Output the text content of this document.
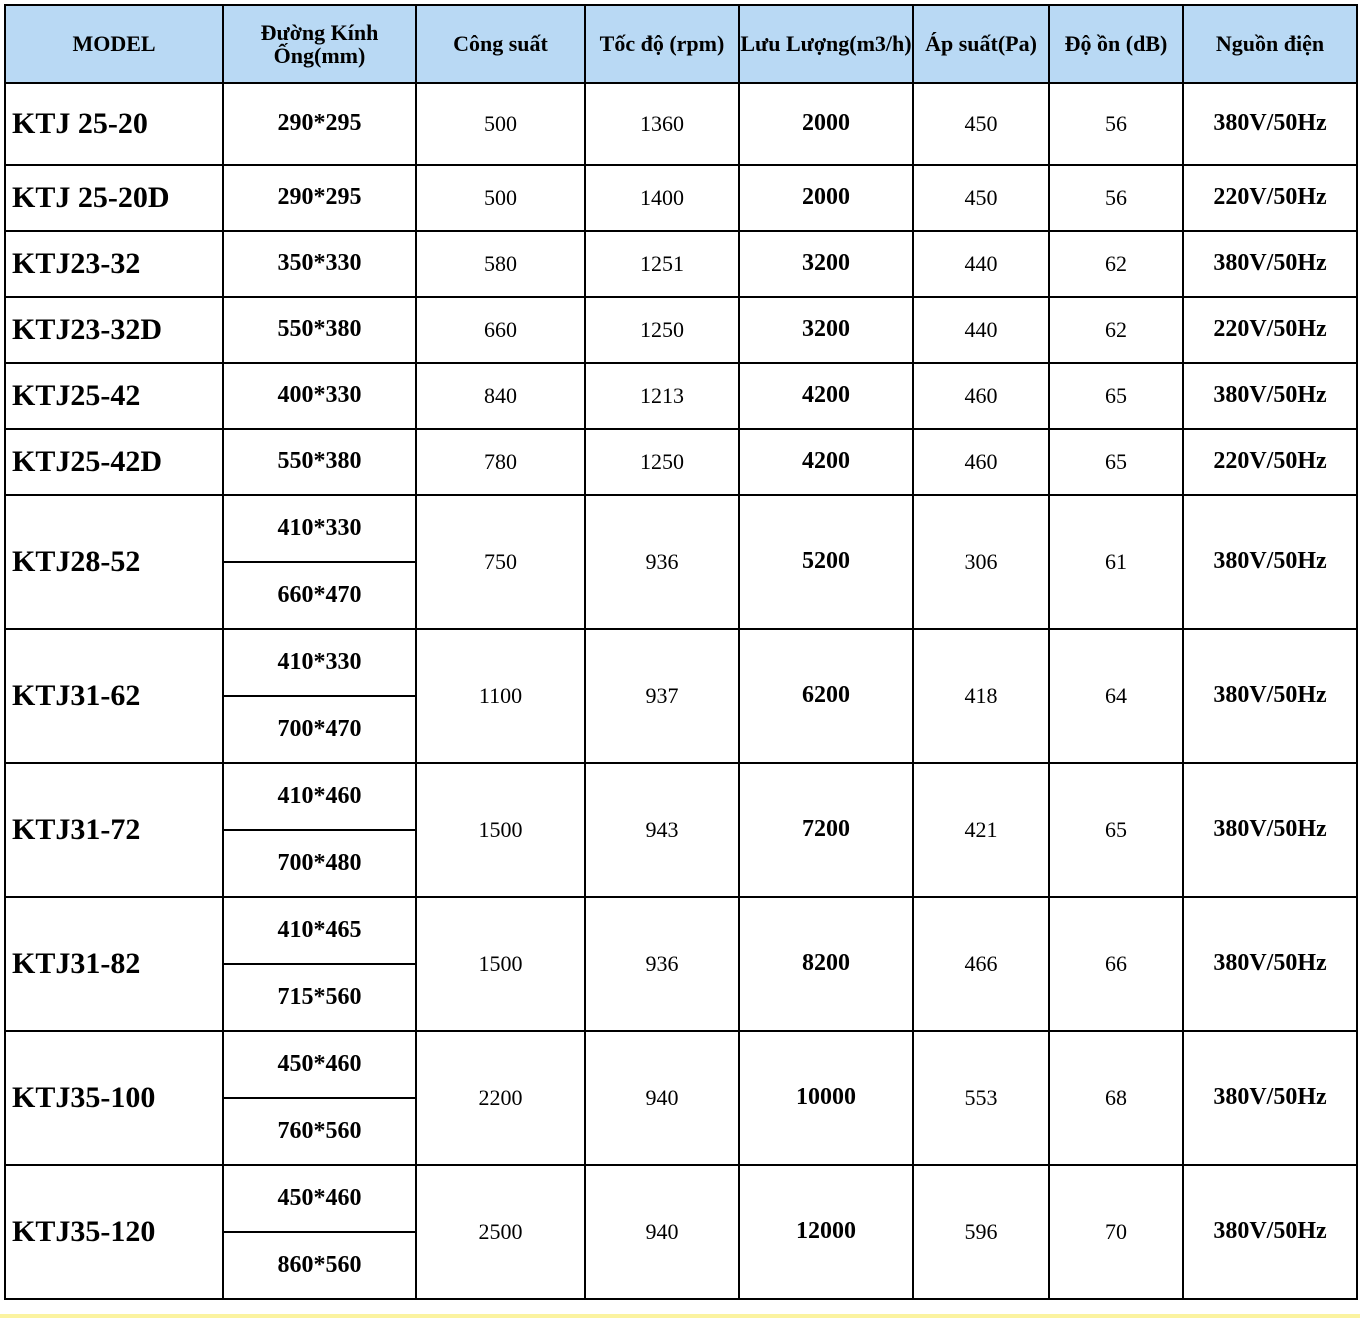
MODEL	Đường Kính Ống(mm)	Công suất	Tốc độ (rpm)	Lưu Lượng(m3/h)	Áp suất(Pa)	Độ ồn (dB)	Nguồn điện
KTJ 25-20	290*295	500	1360	2000	450	56	380V/50Hz
KTJ 25-20D	290*295	500	1400	2000	450	56	220V/50Hz
KTJ23-32	350*330	580	1251	3200	440	62	380V/50Hz
KTJ23-32D	550*380	660	1250	3200	440	62	220V/50Hz
KTJ25-42	400*330	840	1213	4200	460	65	380V/50Hz
KTJ25-42D	550*380	780	1250	4200	460	65	220V/50Hz
KTJ28-52	410*330	750	936	5200	306	61	380V/50Hz
	660*470						
KTJ31-62	410*330	1100	937	6200	418	64	380V/50Hz
	700*470						
KTJ31-72	410*460	1500	943	7200	421	65	380V/50Hz
	700*480						
KTJ31-82	410*465	1500	936	8200	466	66	380V/50Hz
	715*560						
KTJ35-100	450*460	2200	940	10000	553	68	380V/50Hz
	760*560						
KTJ35-120	450*460	2500	940	12000	596	70	380V/50Hz
	860*560						
